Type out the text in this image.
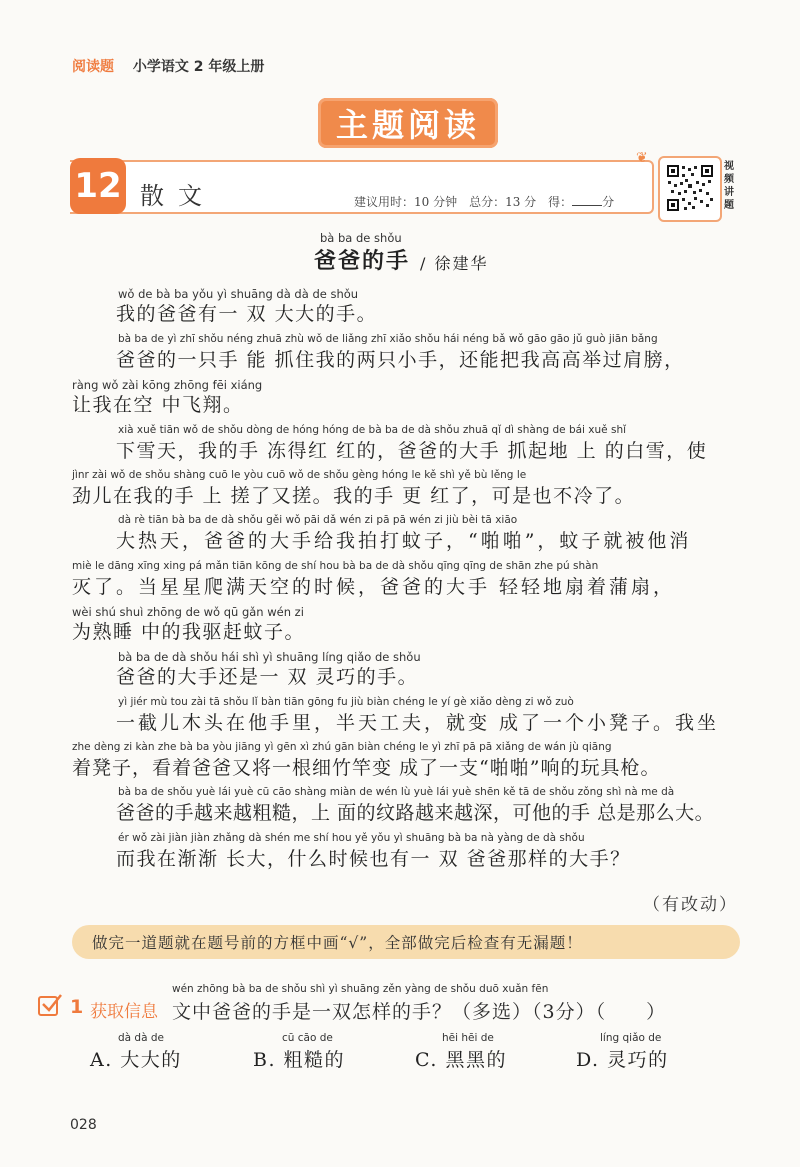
阅读题 小学语文 2 年级上册
主题阅读
12 散文	建议用时：10 分钟　总分：13 分　得：	分
❦
视频讲题
bà ba de shǒu
爸爸的手 / 徐建华
wǒ de bà ba yǒu yì shuāng dà dà de shǒu
我的爸爸有一 双 大大的手。
bà ba de yì zhī shǒu néng zhuā zhù wǒ de liǎng zhī xiǎo shǒu hái néng bǎ wǒ gāo gāo jǔ guò jiān bǎng
爸爸的一只手 能 抓住我的两只小手，还能把我高高举过肩膀，
ràng wǒ zài kōng zhōng fēi xiáng
让我在空 中飞翔。
xià xuě tiān wǒ de shǒu dòng de hóng hóng de bà ba de dà shǒu zhuā qǐ dì shàng de bái xuě shǐ
下雪天，我的手 冻得红 红的，爸爸的大手 抓起地 上 的白雪，使
jìnr zài wǒ de shǒu shàng cuō le yòu cuō wǒ de shǒu gèng hóng le kě shì yě bù lěng le
劲儿在我的手 上 搓了又搓。我的手 更 红了，可是也不冷了。
dà rè tiān bà ba de dà shǒu gěi wǒ pāi dǎ wén zi pā pā wén zi jiù bèi tā xiāo
大热天，爸爸的大手给我拍打蚊子，“啪啪”，蚊子就被他消
miè le dāng xīng xing pá mǎn tiān kōng de shí hou bà ba de dà shǒu qīng qīng de shān zhe pú shàn
灭了。当星星爬满天空的时候，爸爸的大手 轻轻地扇着蒲扇，
wèi shú shuì zhōng de wǒ qū gǎn wén zi
为熟睡 中的我驱赶蚊子。
bà ba de dà shǒu hái shì yì shuāng líng qiǎo de shǒu
爸爸的大手还是一 双 灵巧的手。
yì jiér mù tou zài tā shǒu lǐ bàn tiān gōng fu jiù biàn chéng le yí gè xiǎo dèng zi wǒ zuò
一截儿木头在他手里，半天工夫，就变 成了一个小凳子。我坐
zhe dèng zi kàn zhe bà ba yòu jiāng yì gēn xì zhú gān biàn chéng le yì zhī pā pā xiǎng de wán jù qiāng
着凳子，看着爸爸又将一根细竹竿变 成了一支“啪啪”响的玩具枪。
bà ba de shǒu yuè lái yuè cū cāo shàng miàn de wén lù yuè lái yuè shēn kě tā de shǒu zǒng shì nà me dà
爸爸的手越来越粗糙，上 面的纹路越来越深，可他的手 总是那么大。
ér wǒ zài jiàn jiàn zhǎng dà shén me shí hou yě yǒu yì shuāng bà ba nà yàng de dà shǒu
而我在渐渐 长大，什么时候也有一 双 爸爸那样的大手？
（有改动）
做完一道题就在题号前的方框中画“√”，全部做完后检查有无漏题！
1 获取信息
wén zhōng bà ba de shǒu shì yì shuāng zěn yàng de shǒu duō xuǎn fēn
文中爸爸的手是一双怎样的手？（多选）（3分）（　　）
dà dà de
A. 大大的
cū cāo de
B. 粗糙的
hēi hēi de
C. 黑黑的
líng qiǎo de
D. 灵巧的
028
